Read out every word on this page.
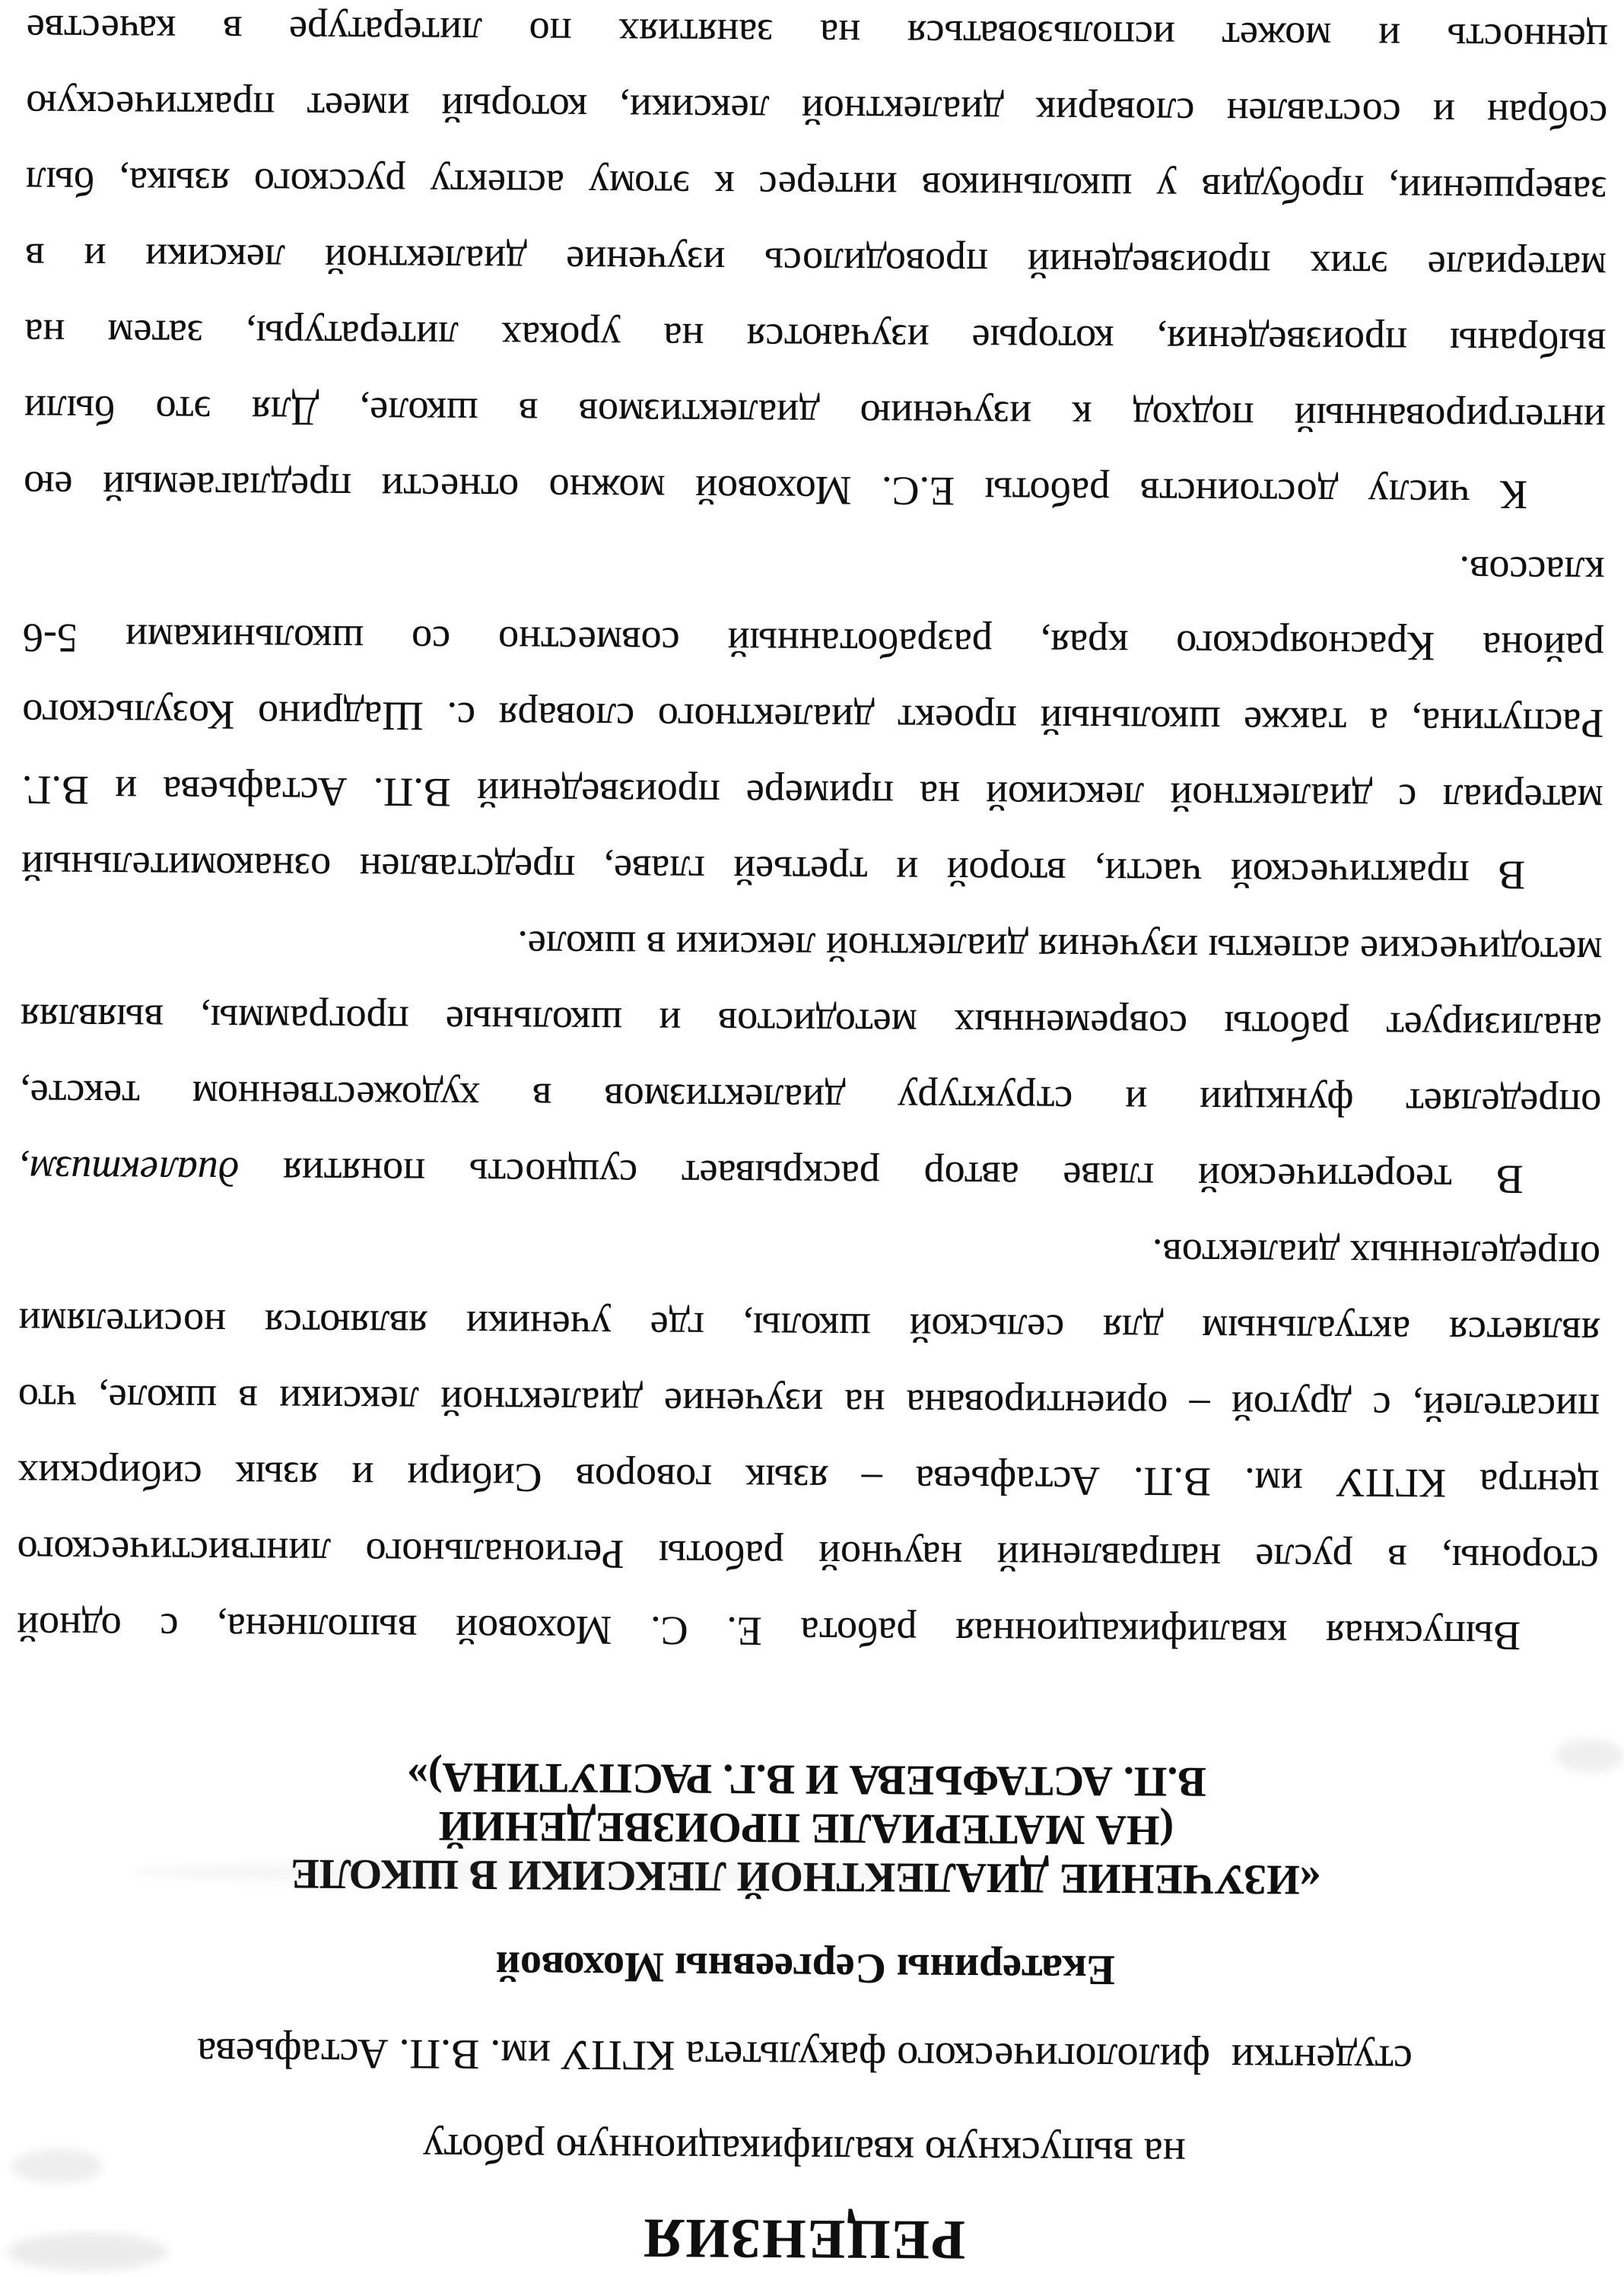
РЕЦЕНЗИЯ
на выпускную квалификационную работу
студентки  филологического факультета КГПУ им. В.П. Астафьева
Екатерины Сергеевны Моховой
«ИЗУЧЕНИЕ ДИАЛЕКТНОЙ ЛЕКСИКИ В ШКОЛЕ
(НА МАТЕРИАЛЕ ПРОИЗВЕДЕНИЙ
В.П. АСТАФЬЕВА И В.Г. РАСПУТИНА)»
Выпускная квалификационная работа Е. С. Моховой выполнена, с одной
стороны, в русле направлений научной работы Регионального лингвистического
центра КГПУ им. В.П. Астафьева – язык говоров Сибири и язык сибирских
писателей, с другой – ориентирована на изучение диалектной лексики в школе, что
является актуальным для сельской школы, где ученики являются носителями
определенных диалектов.
В теоретической главе автор раскрывает сущность понятия диалектизм,
определяет функции и структуру диалектизмов в художественном тексте,
анализирует работы современных методистов и школьные программы, выявляя
методические аспекты изучения диалектной лексики в школе.
В практической части, второй и третьей главе, представлен ознакомительный
материал с диалектной лексикой на примере произведений В.П. Астафьева и В.Г.
Распутина, а также школьный проект диалектного словаря с. Шадрино Козульского
района Красноярского края, разработанный совместно со школьниками 5-6
классов.
К числу достоинств работы Е.С. Моховой можно отнести предлагаемый ею
интегрированный подход к изучению диалектизмов в школе, Для это были
выбраны произведения, которые изучаются на уроках литературы, затем на
материале этих произведений проводилось изучение диалектной лексики и в
завершении, пробудив у школьников интерес к этому аспекту русского языка, был
собран и составлен словарик диалектной лексики, который имеет практическую
ценность и может использоваться на занятиях по литературе в качестве
